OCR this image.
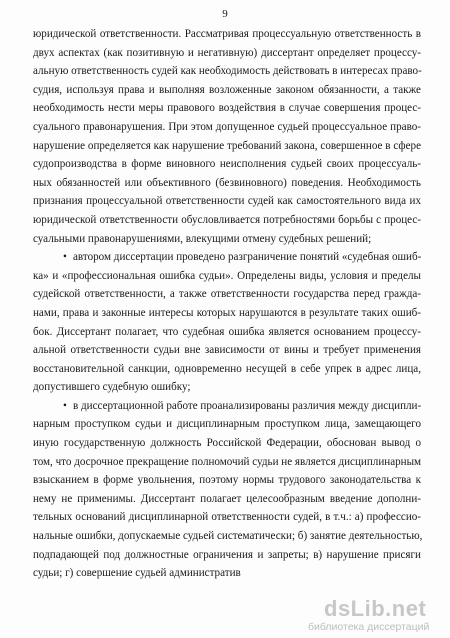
9
юридической ответственности. Рассматривая процессуальную ответственность в
двух аспектах (как позитивную и негативную) диссертант определяет процессу-
альную ответственность судей как необходимость действовать в интересах право-
судия, используя права и выполняя возложенные законом обязанности, а также
необходимость нести меры правового воздействия в случае совершения процес-
суального правонарушения. При этом допущенное судьей процессуальное право-
нарушение определяется как нарушение требований закона, совершенное в сфере
судопроизводства в форме виновного неисполнения судьей своих процессуаль-
ных обязанностей или объективного (безвиновного) поведения. Необходимость
признания процессуальной ответственности судей как самостоятельного вида их
юридической ответственности обусловливается потребностями борьбы с процес-
суальными правонарушениями, влекущими отмену судебных решений;
• автором диссертации проведено разграничение понятий «судебная ошиб-
ка» и «профессиональная ошибка судьи». Определены виды, условия и пределы
судейской ответственности, а также ответственности государства перед гражда-
нами, права и законные интересы которых нарушаются в результате таких ошиб-
бок. Диссертант полагает, что судебная ошибка является основанием процессу-
альной ответственности судьи вне зависимости от вины и требует применения
восстановительной санкции, одновременно несущей в себе упрек в адрес лица,
допустившего судебную ошибку;
• в диссертационной работе проанализированы различия между дисципли-
нарным проступком судьи и дисциплинарным проступком лица, замещающего
иную государственную должность Российской Федерации, обоснован вывод о
том, что досрочное прекращение полномочий судьи не является дисциплинарным
взысканием в форме увольнения, поэтому нормы трудового законодательства к
нему не применимы. Диссертант полагает целесообразным введение дополни-
тельных оснований дисциплинарной ответственности судей, в т.ч.: а) профессио-
нальные ошибки, допускаемые судьей систематически; б) занятие деятельностью,
подпадающей под должностные ограничения и запреты; в) нарушение присяги
судьи; г) совершение судьей административ
dsLib.net
библиотека диссертаций
